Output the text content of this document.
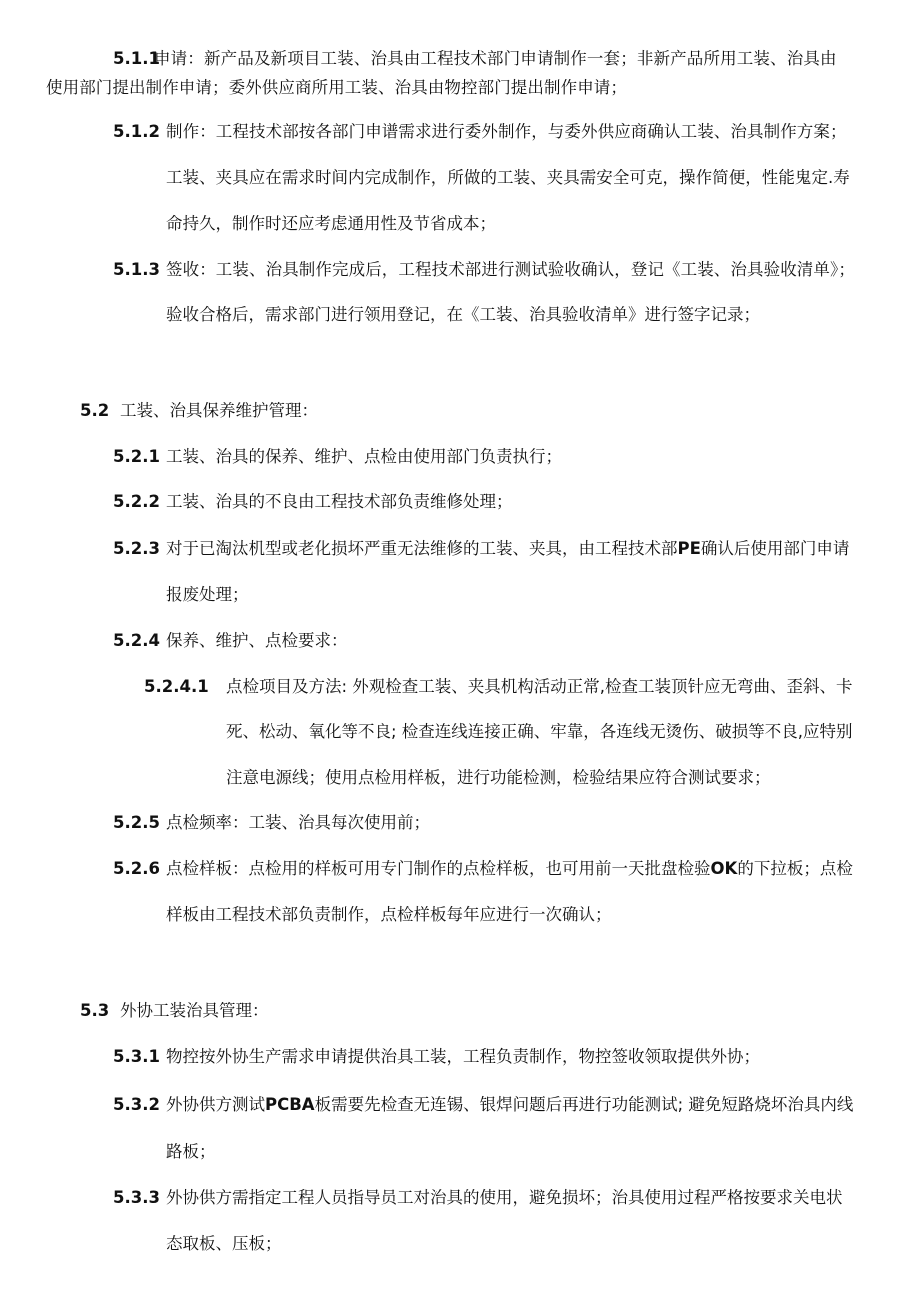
5.1.1
申请：新产品及新项目工装、治具由工程技术部门申请制作一套；非新产品所用工装、治具由
使用部门提出制作申请；委外供应商所用工装、治具由物控部门提出制作申请；
5.1.2 制作：工程技术部按各部门申谱需求进行委外制作，与委外供应商确认工装、治具制作方案；
工装、夹具应在需求时间内完成制作，所做的工装、夹具需安全可克，操作简便，性能鬼定.寿
命持久，制作时还应考虑通用性及节省成本；
5.1.3 签收：工装、治具制作完成后，工程技术部进行测试验收确认，登记《工装、治具验收清单》；
验收合格后，需求部门进行领用登记，在《工装、治具验收清单》进行签字记录；
5.2 工装、治具保养维护管理：
5.2.1 工装、治具的保养、维护、点检由使用部门负责执行；
5.2.2 工装、治具的不良由工程技术部负责维修处理；
5.2.3 对于已淘汰机型或老化损坏严重无法维修的工装、夹具，由工程技术部PE确认后使用部门申请
报废处理；
5.2.4 保养、维护、点检要求：
5.2.4.1 点检项目及方法: 外观检查工装、夹具机构活动正常,检查工装顶针应无弯曲、歪斜、卡
死、松动、氧化等不良; 检查连线连接正确、牢靠，各连线无烫伤、破损等不良,应特别
注意电源线；使用点检用样板，进行功能检测，检验结果应符合测试要求；
5.2.5 点检频率：工装、治具每次使用前；
5.2.6 点检样板：点检用的样板可用专门制作的点检样板，也可用前一天批盘检验OK的下拉板；点检
样板由工程技术部负责制作，点检样板每年应进行一次确认；
5.3 外协工装治具管理：
5.3.1 物控按外协生产需求申请提供治具工装，工程负责制作，物控签收领取提供外协；
5.3.2 外协供方测试PCBA板需要先检查无连锡、银焊问题后再进行功能测试; 避免短路烧坏治具内线
路板；
5.3.3 外协供方需指定工程人员指导员工对治具的使用，避免损坏；治具使用过程严格按要求关电状
态取板、压板；
